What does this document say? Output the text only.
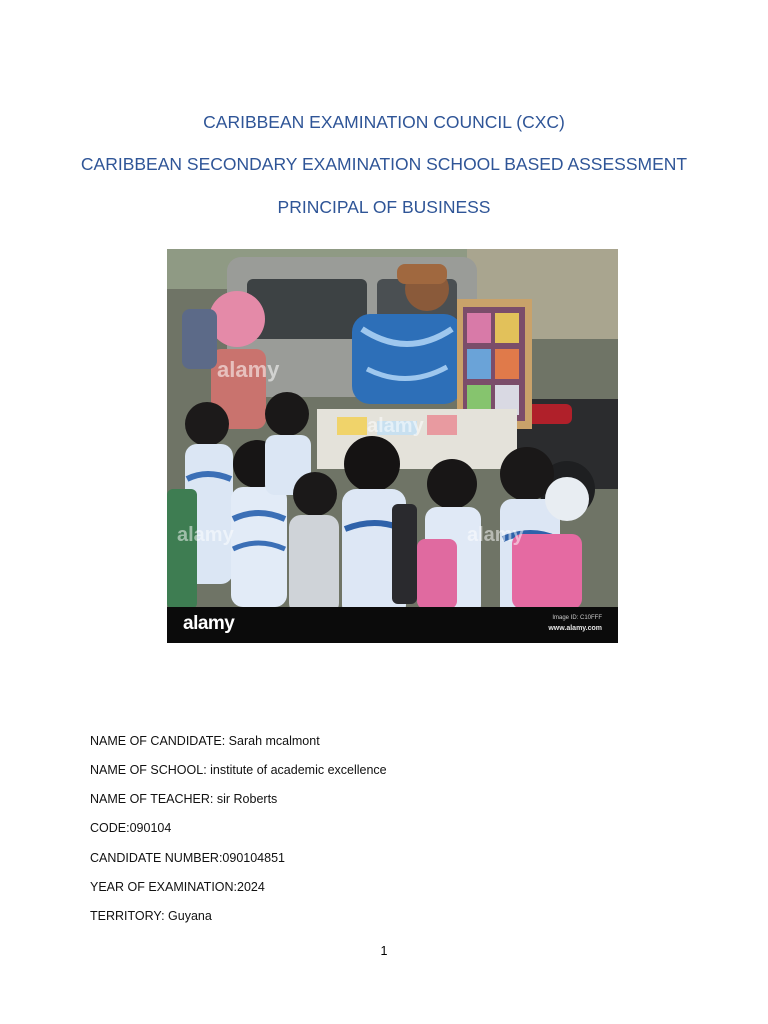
CARIBBEAN EXAMINATION COUNCIL (CXC)
CARIBBEAN SECONDARY EXAMINATION SCHOOL BASED ASSESSMENT
PRINCIPAL OF BUSINESS
alamy
alamy
alamy
alamy
alamy	Image ID: C10FFF
www.alamy.com
NAME OF CANDIDATE: Sarah mcalmont
NAME OF SCHOOL: institute of academic excellence
NAME OF TEACHER: sir Roberts
CODE:090104
CANDIDATE NUMBER:090104851
YEAR OF EXAMINATION:2024
TERRITORY: Guyana
1
